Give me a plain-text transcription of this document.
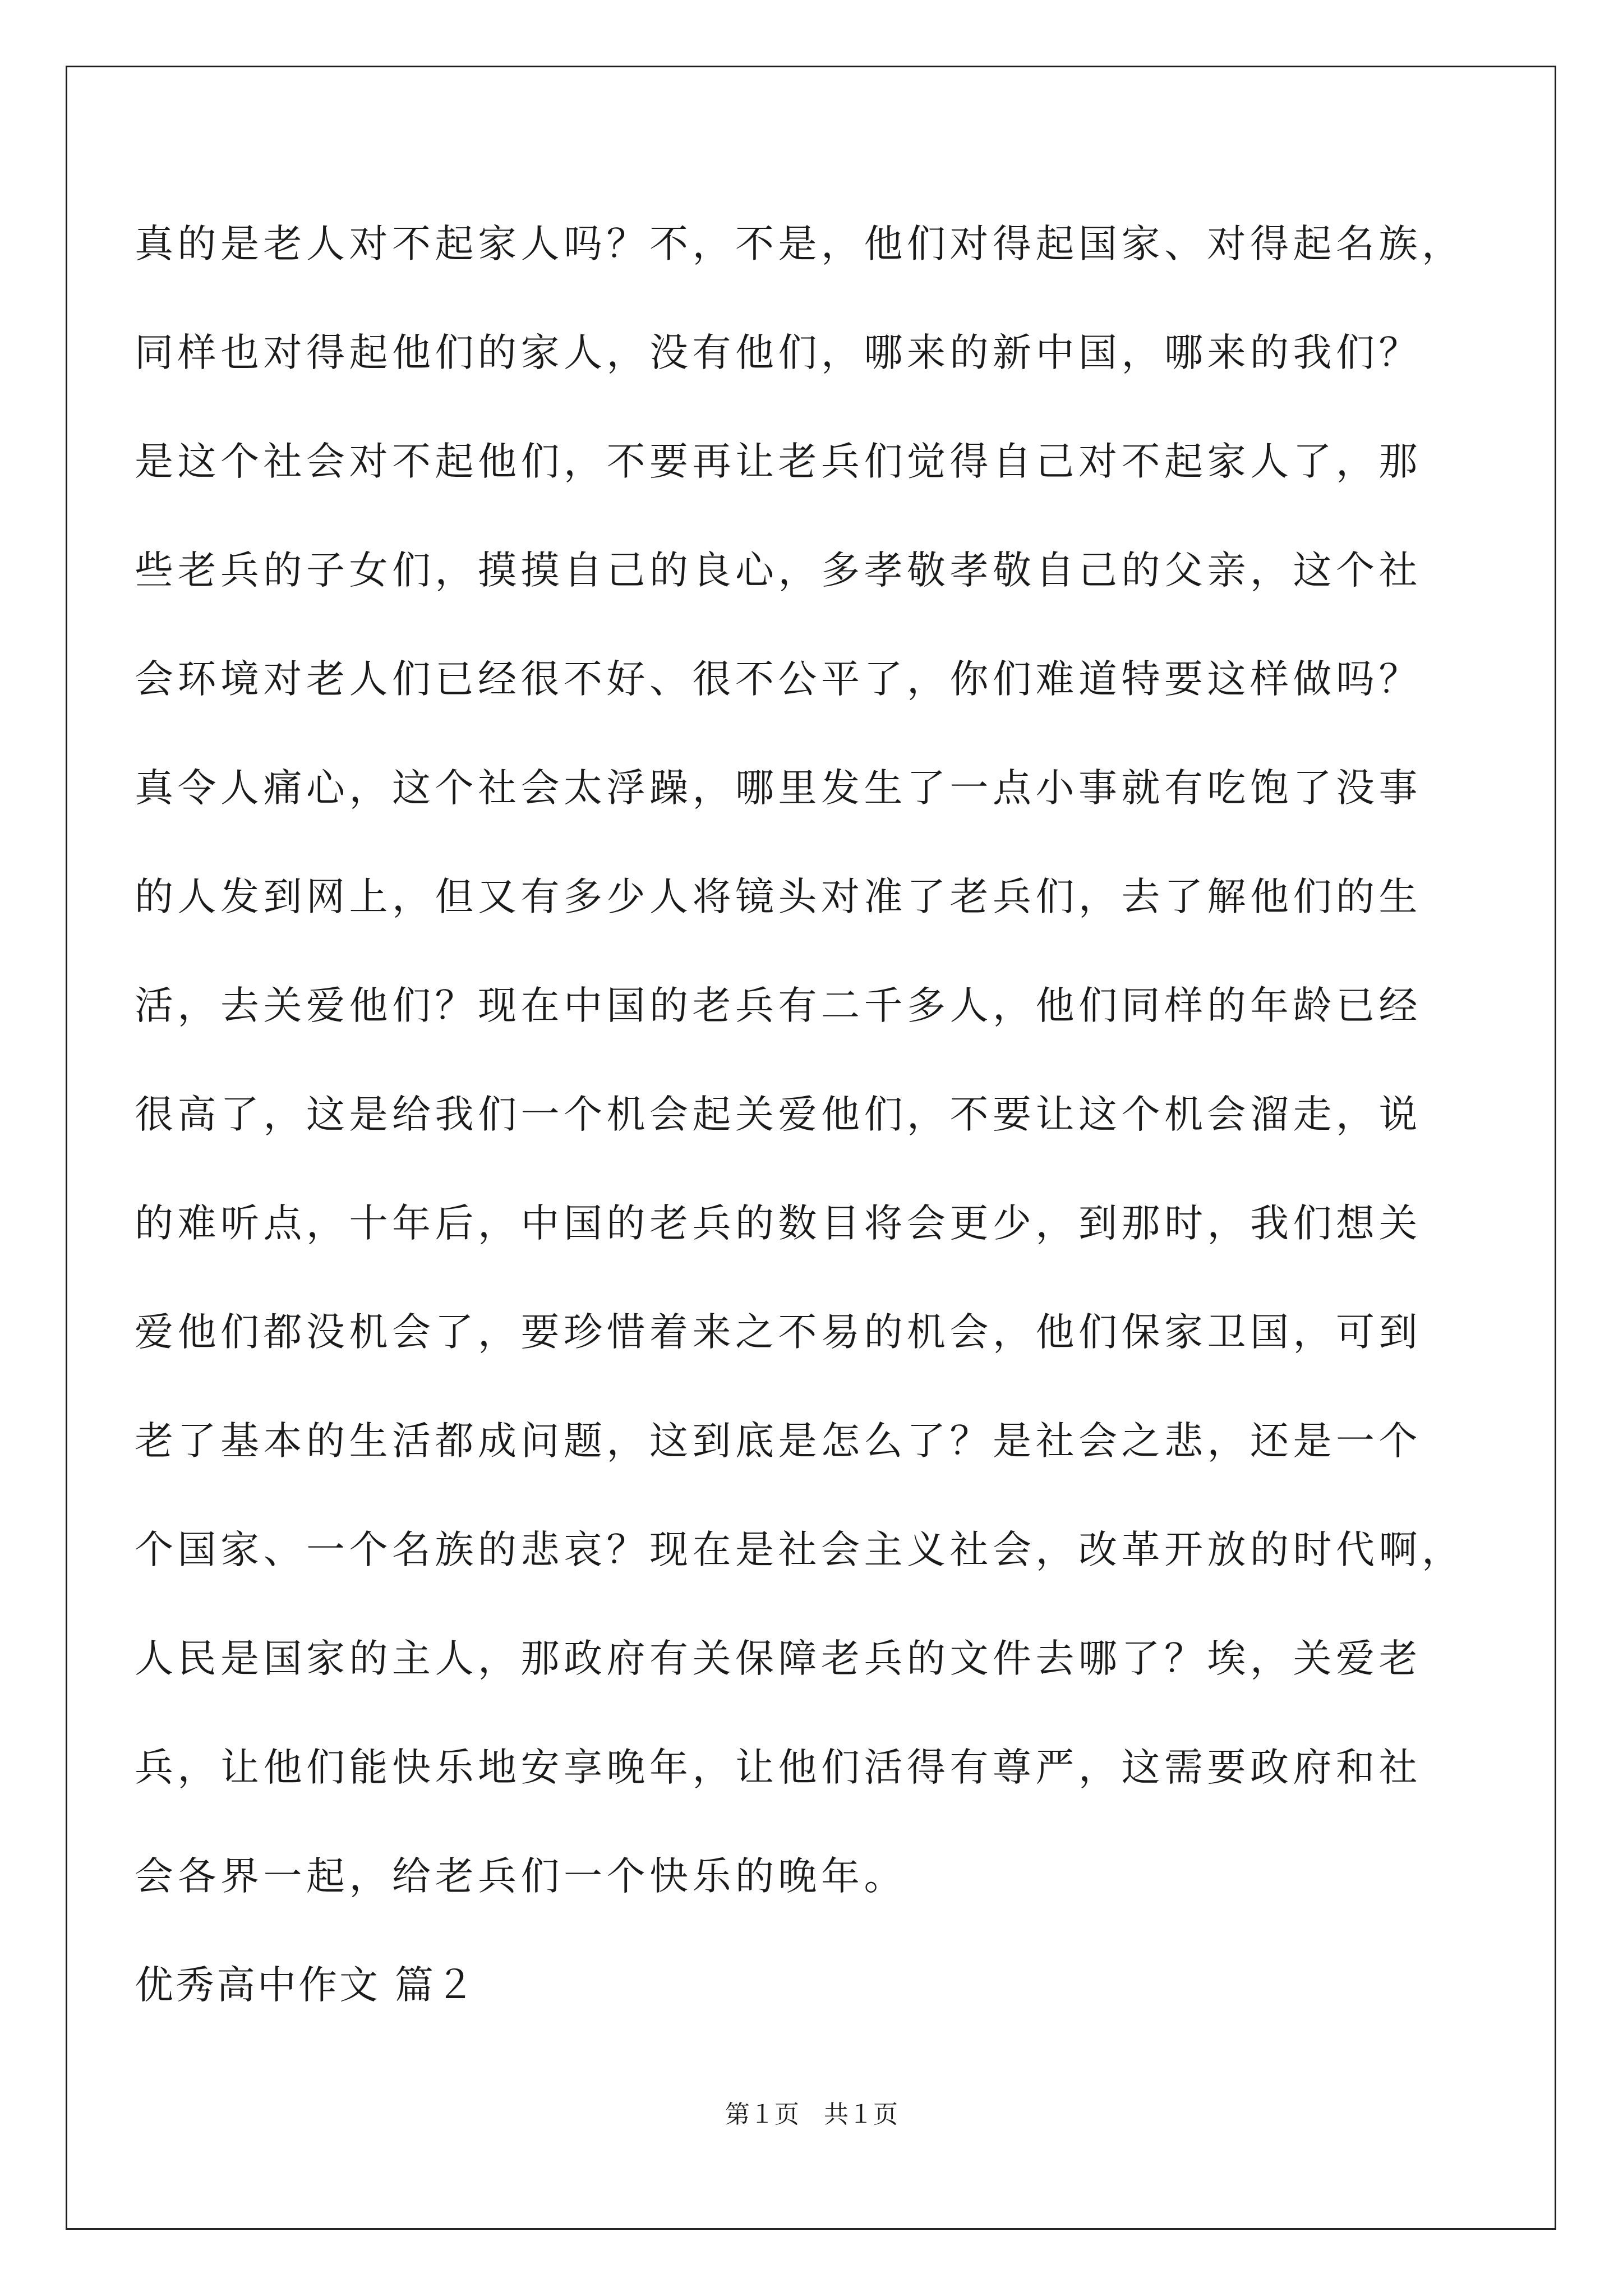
真的是老人对不起家人吗？不，不是，他们对得起国家、对得起名族，
同样也对得起他们的家人，没有他们，哪来的新中国，哪来的我们？
是这个社会对不起他们，不要再让老兵们觉得自己对不起家人了，那
些老兵的子女们，摸摸自己的良心，多孝敬孝敬自己的父亲，这个社
会环境对老人们已经很不好、很不公平了，你们难道特要这样做吗？
真令人痛心，这个社会太浮躁，哪里发生了一点小事就有吃饱了没事
的人发到网上，但又有多少人将镜头对准了老兵们，去了解他们的生
活，去关爱他们？现在中国的老兵有二千多人，他们同样的年龄已经
很高了，这是给我们一个机会起关爱他们，不要让这个机会溜走，说
的难听点，十年后，中国的老兵的数目将会更少，到那时，我们想关
爱他们都没机会了，要珍惜着来之不易的机会，他们保家卫国，可到
老了基本的生活都成问题，这到底是怎么了？是社会之悲，还是一个
个国家、一个名族的悲哀？现在是社会主义社会，改革开放的时代啊，
人民是国家的主人，那政府有关保障老兵的文件去哪了？埃，关爱老
兵，让他们能快乐地安享晚年，让他们活得有尊严，这需要政府和社
会各界一起，给老兵们一个快乐的晚年。
优秀高中作文 篇２
第１页　共１页
